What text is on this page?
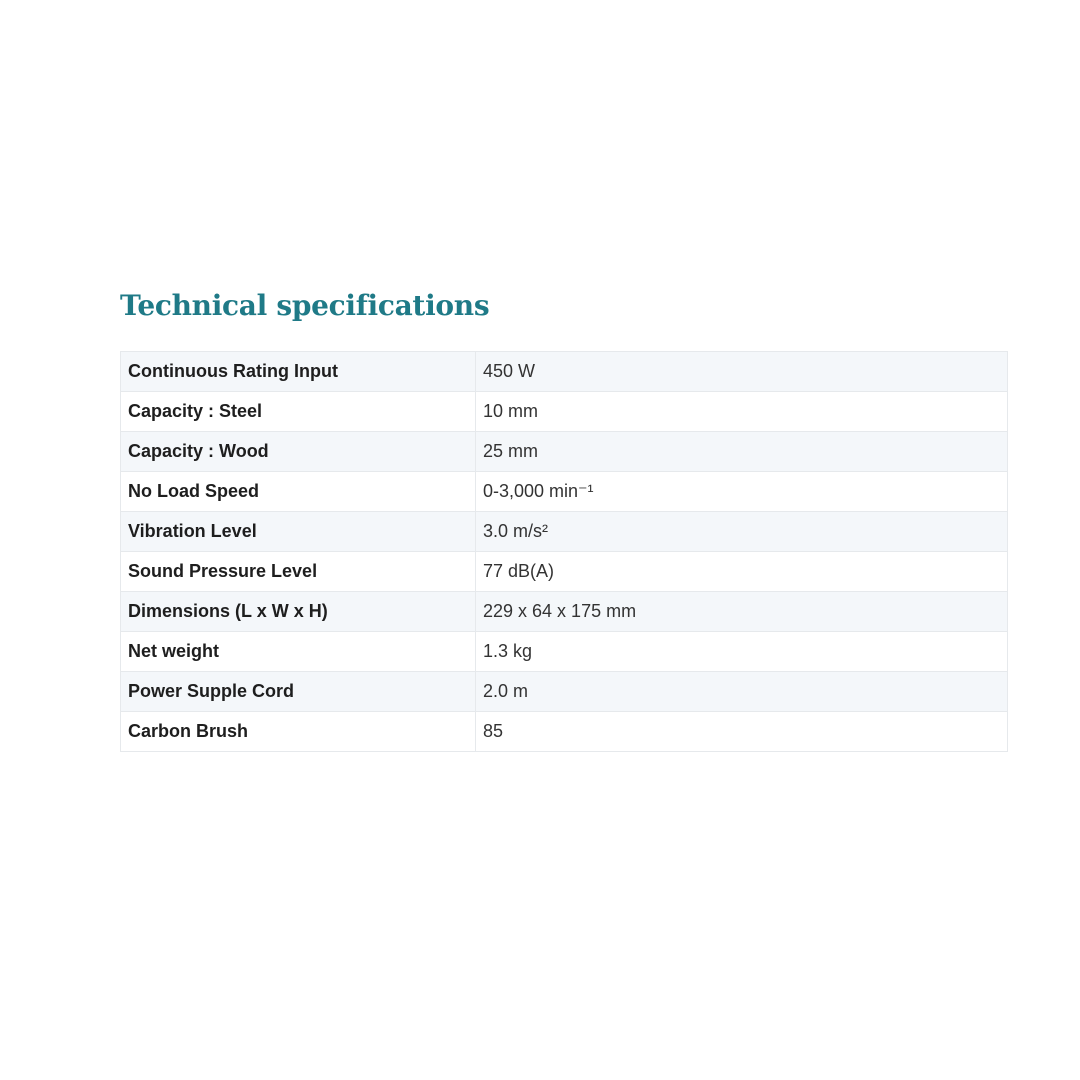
Technical specifications
Continuous Rating Input	450 W
Capacity : Steel	10 mm
Capacity : Wood	25 mm
No Load Speed	0-3,000 min⁻¹
Vibration Level	3.0 m/s²
Sound Pressure Level	77 dB(A)
Dimensions (L x W x H)	229 x 64 x 175 mm
Net weight	1.3 kg
Power Supple Cord	2.0 m
Carbon Brush	85
